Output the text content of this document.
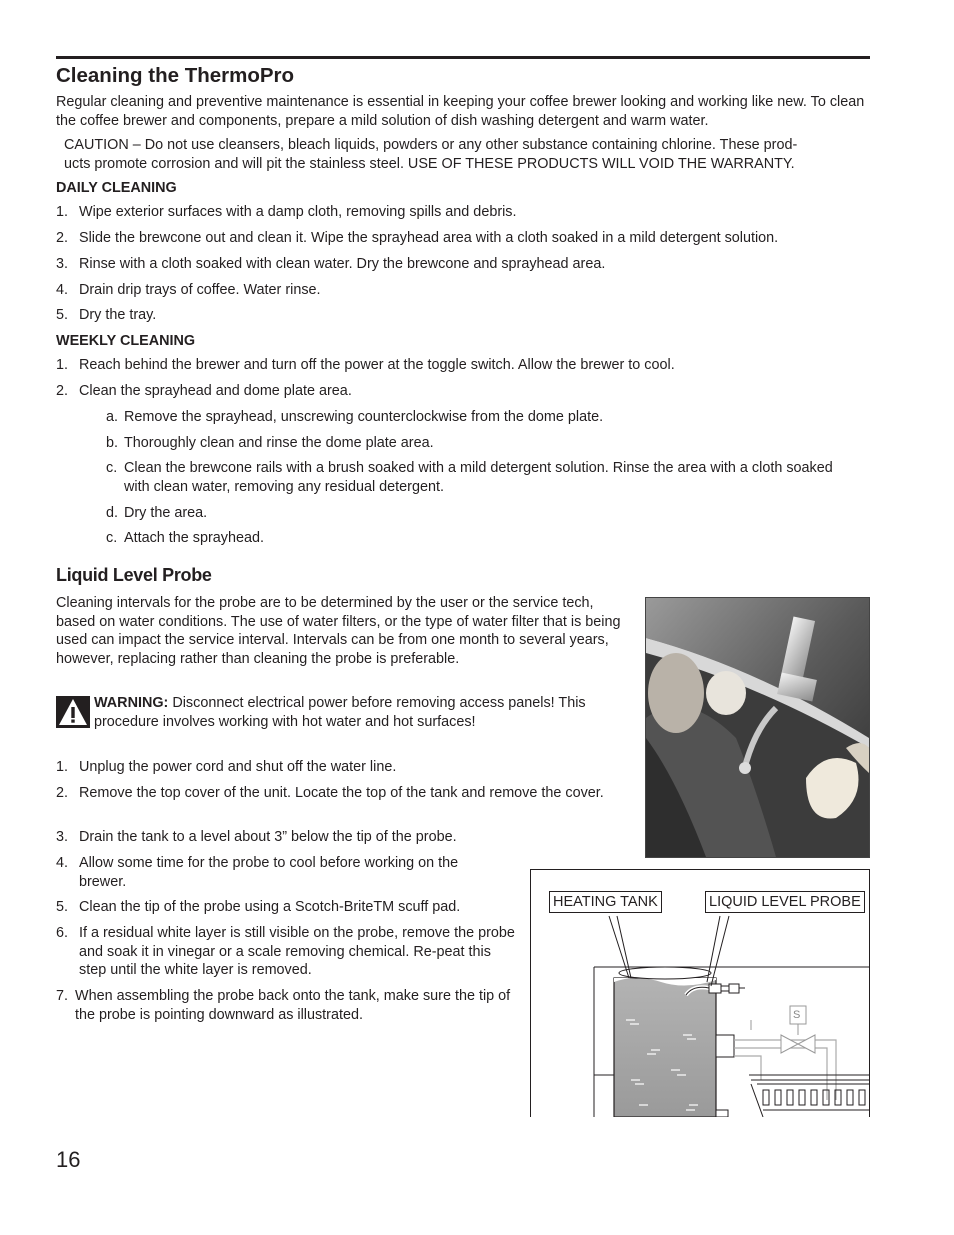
Cleaning the ThermoPro
Regular cleaning and preventive maintenance is essential in keeping your coffee brewer looking and working like new. To clean the coffee brewer and components, prepare a mild solution of dish washing detergent and warm water.
CAUTION – Do not use cleansers, bleach liquids, powders or any other substance containing chlorine. These prod-
ucts promote corrosion and will pit the stainless steel. USE OF THESE PRODUCTS WILL VOID THE WARRANTY.
DAILY CLEANING
1. Wipe exterior surfaces with a damp cloth, removing spills and debris.
2. Slide the brewcone out and clean it. Wipe the sprayhead area with a cloth soaked in a mild detergent solution.
3. Rinse with a cloth soaked with clean water. Dry the brewcone and sprayhead area.
4. Drain drip trays of coffee. Water rinse.
5. Dry the tray.
WEEKLY CLEANING
1. Reach behind the brewer and turn off the power at the toggle switch. Allow the brewer to cool.
2. Clean the sprayhead and dome plate area.
a. Remove the sprayhead, unscrewing counterclockwise from the dome plate.
b. Thoroughly clean and rinse the dome plate area.
c. Clean the brewcone rails with a brush soaked with a mild detergent solution. Rinse the area with a cloth soaked with clean water, removing any residual detergent.
d. Dry the area.
c. Attach the sprayhead.
Liquid Level Probe
Cleaning intervals for the probe are to be determined by the user or the service tech, based on water conditions. The use of water filters, or the type of water filter that is being used can impact the service interval. Intervals can be from one month to several years, however, replacing rather than cleaning the probe is preferable.
WARNING: Disconnect electrical power before removing access panels! This procedure involves working with hot water and hot surfaces!
1. Unplug the power cord and shut off the water line.
2. Remove the top cover of the unit. Locate the top of the tank and remove the cover.
3. Drain the tank to a level about 3” below the tip of the probe.
4. Allow some time for the probe to cool before working on the brewer.
5. Clean the tip of the probe using a Scotch-BriteTM scuff pad.
6. If a residual white layer is still visible on the probe, remove the probe and soak it in vinegar or a scale removing chemical. Re-peat this step until the white layer is removed.
7. When assembling the probe back onto the tank, make sure the tip of the probe is pointing downward as illustrated.
HEATING TANK	LIQUID LEVEL PROBE
S
16
